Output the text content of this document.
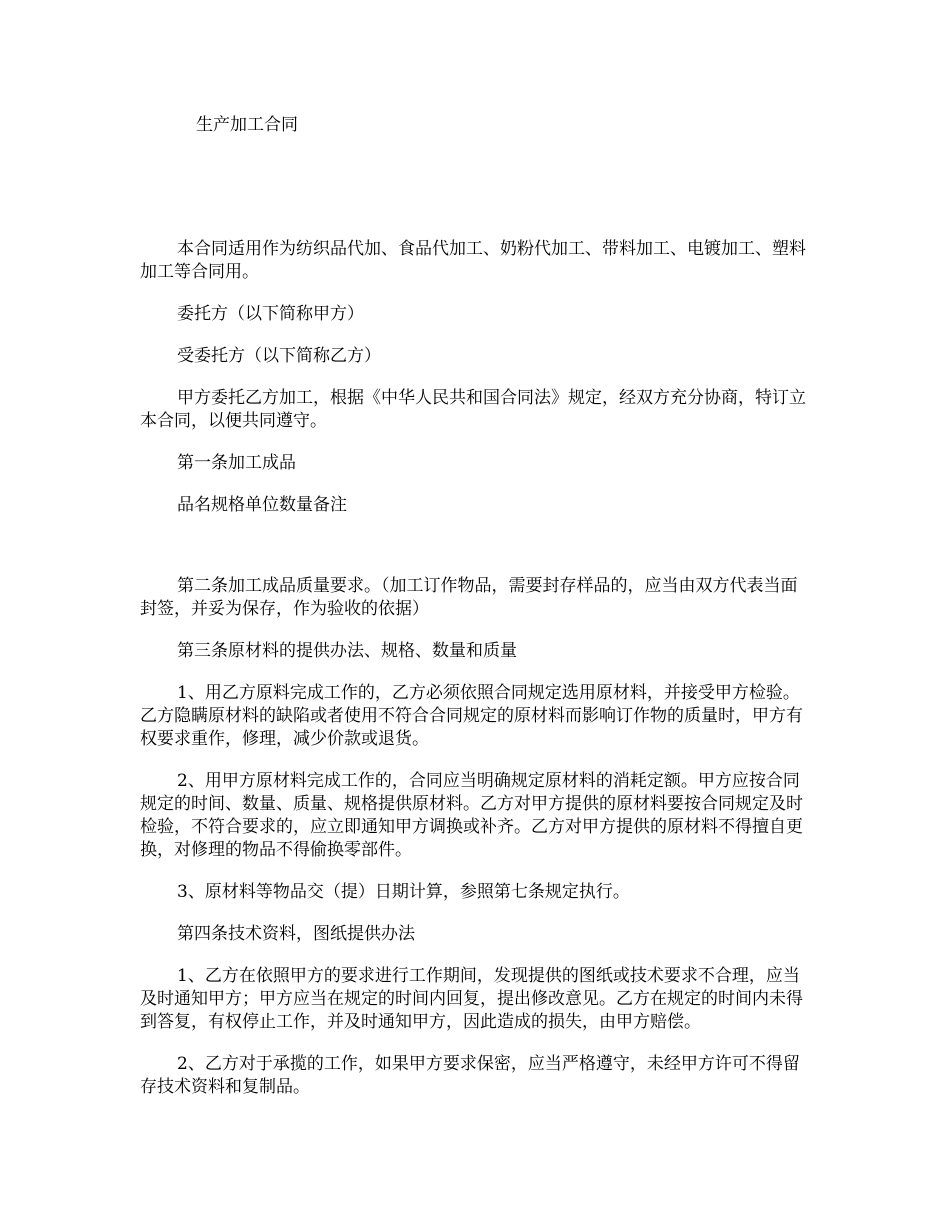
生产加工合同

本合同适用作为纺织品代加、食品代加工、奶粉代加工、带料加工、电镀加工、塑料加工等合同用。

委托方（以下简称甲方）

受委托方（以下简称乙方）

甲方委托乙方加工，根据《中华人民共和国合同法》规定，经双方充分协商，特订立本合同，以便共同遵守。

第一条加工成品

品名规格单位数量备注

第二条加工成品质量要求。（加工订作物品，需要封存样品的，应当由双方代表当面封签，并妥为保存，作为验收的依据）

第三条原材料的提供办法、规格、数量和质量

1、用乙方原料完成工作的，乙方必须依照合同规定选用原材料，并接受甲方检验。乙方隐瞒原材料的缺陷或者使用不符合合同规定的原材料而影响订作物的质量时，甲方有权要求重作，修理，减少价款或退货。

2、用甲方原材料完成工作的，合同应当明确规定原材料的消耗定额。甲方应按合同规定的时间、数量、质量、规格提供原材料。乙方对甲方提供的原材料要按合同规定及时检验，不符合要求的，应立即通知甲方调换或补齐。乙方对甲方提供的原材料不得擅自更换，对修理的物品不得偷换零部件。

3、原材料等物品交（提）日期计算，参照第七条规定执行。

第四条技术资料，图纸提供办法

1、乙方在依照甲方的要求进行工作期间，发现提供的图纸或技术要求不合理，应当及时通知甲方；甲方应当在规定的时间内回复，提出修改意见。乙方在规定的时间内未得到答复，有权停止工作，并及时通知甲方，因此造成的损失，由甲方赔偿。

2、乙方对于承揽的工作，如果甲方要求保密，应当严格遵守，未经甲方许可不得留存技术资料和复制品。
